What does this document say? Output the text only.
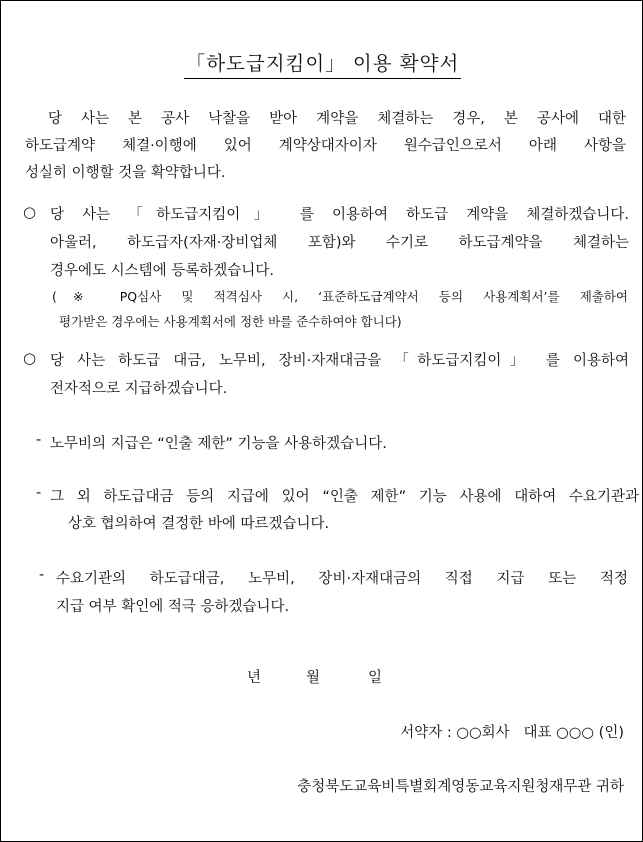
「하도급지킴이」 이용 확약서
당 사는 본 공사 낙찰을 받아 계약을 체결하는 경우, 본 공사에 대한
하도급계약 체결·이행에 있어 계약상대자이자 원수급인으로서 아래 사항을
성실히 이행할 것을 확약합니다.
○ 당 사는 「하도급지킴이」 를 이용하여 하도급 계약을 체결하겠습니다.
아울러, 하도급자(자재·장비업체 포함)와 수기로 하도급계약을 체결하는
경우에도 시스템에 등록하겠습니다.
(※ PQ심사 및 적격심사 시, ‘표준하도급계약서 등의 사용계획서’를 제출하여
평가받은 경우에는 사용계획서에 정한 바를 준수하여야 합니다)
○ 당 사는 하도급 대금, 노무비, 장비·자재대금을 「하도급지킴이」 를 이용하여
전자적으로 지급하겠습니다.
- 노무비의 지급은 “인출 제한” 기능을 사용하겠습니다.
- 그 외 하도급대금 등의 지급에 있어 “인출 제한” 기능 사용에 대하여 수요기관과
상호 협의하여 결정한 바에 따르겠습니다.
- 수요기관의 하도급대금, 노무비, 장비·자재대금의 직접 지급 또는 적정
지급 여부 확인에 적극 응하겠습니다.
년	월	일
서약자 : ○○회사   대표 ○○○ (인)
충청북도교육비특별회계영동교육지원청재무관 귀하
